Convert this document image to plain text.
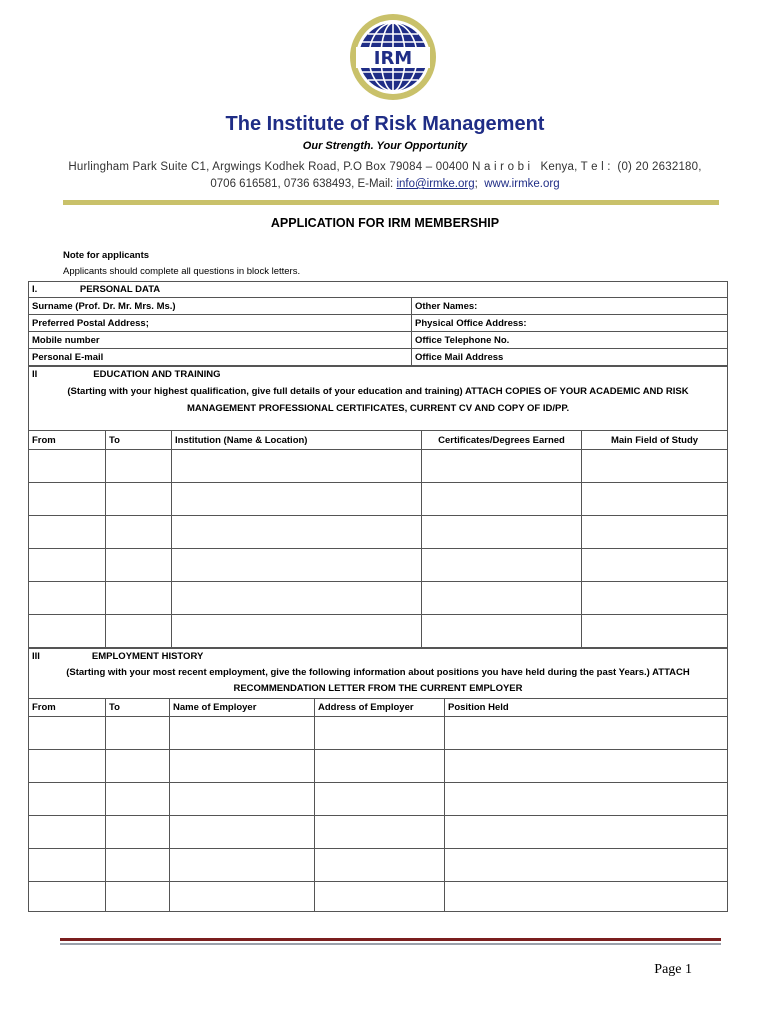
IRM
The Institute of Risk Management
Our Strength. Your Opportunity
Hurlingham Park Suite C1, Argwings Kodhek Road, P.O Box 79084 – 00400 N a i r o b i   Kenya, T e l :  (0) 20 2632180,
0706 616581, 0736 638493, E-Mail: info@irmke.org;  www.irmke.org
APPLICATION FOR IRM MEMBERSHIP
Note for applicants
Applicants should complete all questions in block letters.
I. PERSONAL DATA	
Surname (Prof. Dr. Mr. Mrs. Ms.)	Other Names:
Preferred Postal Address;	Physical Office Address:
Mobile number	Office Telephone No.
Personal E-mail	Office Mail Address
II EDUCATION AND TRAINING
(Starting with your highest qualification, give full details of your education and training) ATTACH COPIES OF YOUR ACADEMIC AND RISK
MANAGEMENT PROFESSIONAL CERTIFICATES, CURRENT CV AND COPY OF ID/PP.				

From	To	Institution (Name & Location)	Certificates/Degrees Earned	Main Field of Study

III EMPLOYMENT HISTORY
(Starting with your most recent employment, give the following information about positions you have held during the past Years.) ATTACH
RECOMMENDATION LETTER FROM THE CURRENT EMPLOYER				

From	To	Name of Employer	Address of Employer	Position Held

Page 1
